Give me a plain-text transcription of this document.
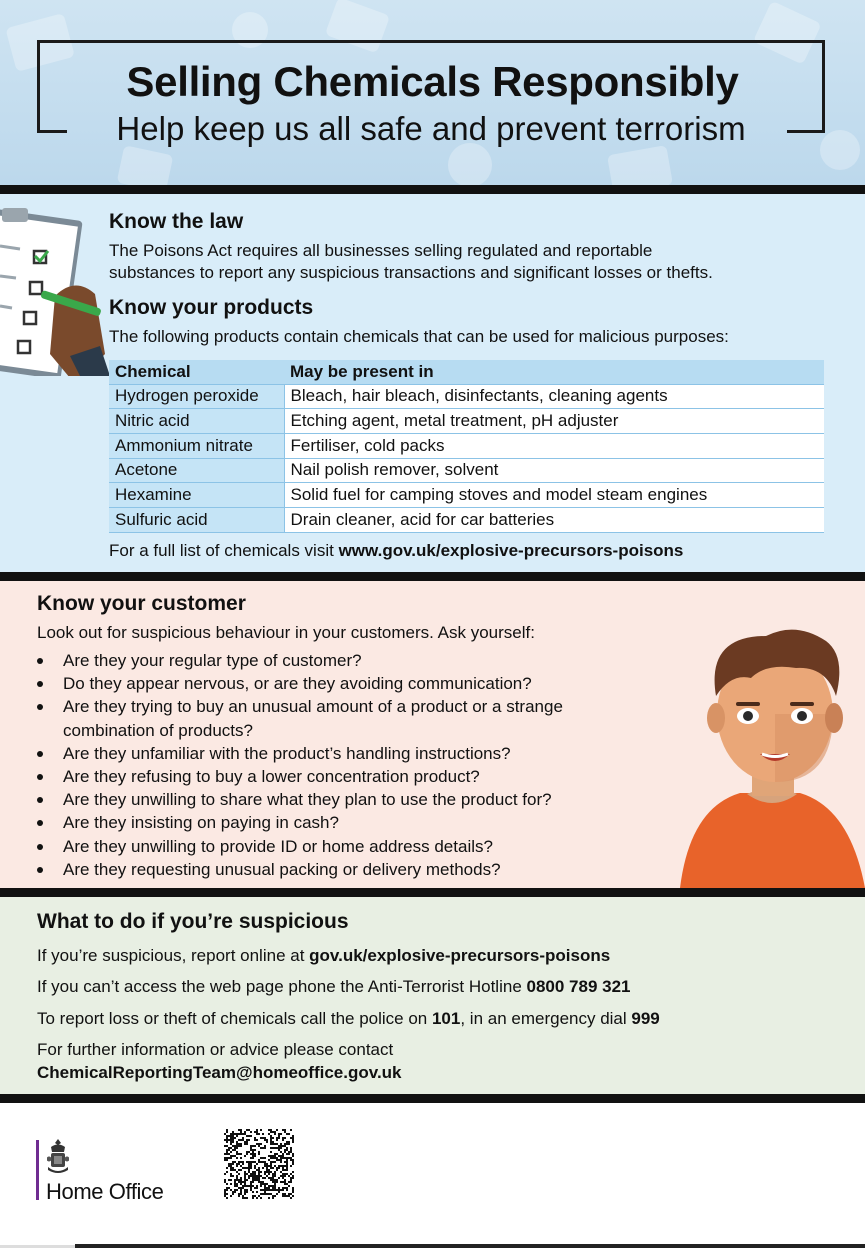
Selling Chemicals Responsibly
Help keep us all safe and prevent terrorism
Know the law
The Poisons Act requires all businesses selling regulated and reportable
substances to report any suspicious transactions and significant losses or thefts.
Know your products
The following products contain chemicals that can be used for malicious purposes:
Chemical	May be present in
Hydrogen peroxide	Bleach, hair bleach, disinfectants, cleaning agents
Nitric acid	Etching agent, metal treatment, pH adjuster
Ammonium nitrate	Fertiliser, cold packs
Acetone	Nail polish remover, solvent
Hexamine	Solid fuel for camping stoves and model steam engines
Sulfuric acid	Drain cleaner, acid for car batteries
For a full list of chemicals visit www.gov.uk/explosive-precursors-poisons
Know your customer
Look out for suspicious behaviour in your customers. Ask yourself:
Are they your regular type of customer?
Do they appear nervous, or are they avoiding communication?
Are they trying to buy an unusual amount of a product or a strange
combination of products?
Are they unfamiliar with the product’s handling instructions?
Are they refusing to buy a lower concentration product?
Are they unwilling to share what they plan to use the product for?
Are they insisting on paying in cash?
Are they unwilling to provide ID or home address details?
Are they requesting unusual packing or delivery methods?
What to do if you’re suspicious
If you’re suspicious, report online at gov.uk/explosive-precursors-poisons
If you can’t access the web page phone the Anti-Terrorist Hotline 0800 789 321
To report loss or theft of chemicals call the police on 101, in an emergency dial 999
For further information or advice please contact
ChemicalReportingTeam@homeoffice.gov.uk
Home Office
